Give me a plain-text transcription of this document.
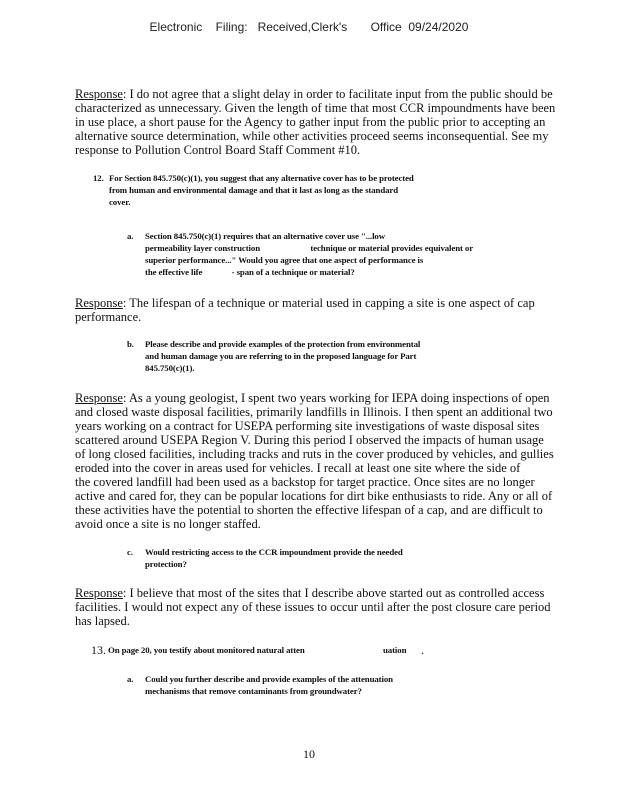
Electronic    Filing:   Received,Clerk's       Office  09/24/2020
Response: I do not agree that a slight delay in order to facilitate input from the public should be
characterized as unnecessary. Given the length of time that most CCR impoundments have been
in use place, a short pause for the Agency to gather input from the public prior to accepting an
alternative source determination, while other activities proceed seems inconsequential. See my
response to Pollution Control Board Staff Comment #10.
12. For Section 845.750(c)(1), you suggest that any alternative cover has to be protected
from human and environmental damage and that it last as long as the standard
cover.
a. Section 845.750(c)(1) requires that an alternative cover use "...low
permeability layer construction                        technique or material provides equivalent or
superior performance..." Would you agree that one aspect of performance is
the effective life              - span of a technique or material?
Response: The lifespan of a technique or material used in capping a site is one aspect of cap
performance.
b. Please describe and provide examples of the protection from environmental
and human damage you are referring to in the proposed language for Part
845.750(c)(1).
Response: As a young geologist, I spent two years working for IEPA doing inspections of open
and closed waste disposal facilities, primarily landfills in Illinois. I then spent an additional two
years working on a contract for USEPA performing site investigations of waste disposal sites
scattered around USEPA Region V. During this period I observed the impacts of human usage
of long closed facilities, including tracks and ruts in the cover produced by vehicles, and gullies
eroded into the cover in areas used for vehicles. I recall at least one site where the side of
the covered landfill had been used as a backstop for target practice. Once sites are no longer
active and cared for, they can be popular locations for dirt bike enthusiasts to ride. Any or all of
these activities have the potential to shorten the effective lifespan of a cap, and are difficult to
avoid once a site is no longer staffed.
c. Would restricting access to the CCR impoundment provide the needed
protection?
Response: I believe that most of the sites that I describe above started out as controlled access
facilities. I would not expect any of these issues to occur until after the post closure care period
has lapsed.
13. On page 20, you testify about monitored natural atten	uation .
a. Could you further describe and provide examples of the attenuation
mechanisms that remove contaminants from groundwater?
10
